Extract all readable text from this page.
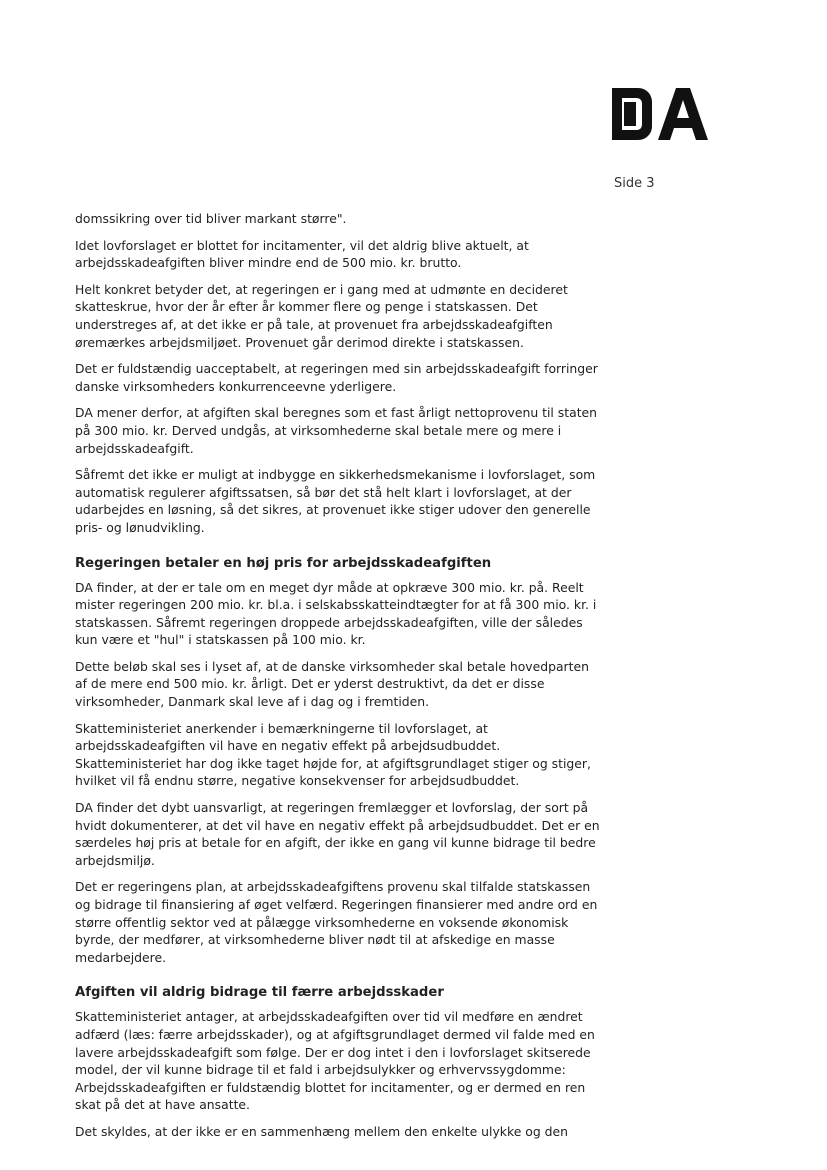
Side 3

domssikring over tid bliver markant større".

Idet lovforslaget er blottet for incitamenter, vil det aldrig blive aktuelt, at arbejdsskadeafgiften bliver mindre end de 500 mio. kr. brutto.

Helt konkret betyder det, at regeringen er i gang med at udmønte en decideret skatteskrue, hvor der år efter år kommer flere og penge i statskassen. Det understreges af, at det ikke er på tale, at provenuet fra arbejdsskadeafgiften øremærkes arbejdsmiljøet. Provenuet går derimod direkte i statskassen.

Det er fuldstændig uacceptabelt, at regeringen med sin arbejdsskadeafgift forringer danske virksomheders konkurrenceevne yderligere.

DA mener derfor, at afgiften skal beregnes som et fast årligt nettoprovenu til staten på 300 mio. kr. Derved undgås, at virksomhederne skal betale mere og mere i arbejdsskadeafgift.

Såfremt det ikke er muligt at indbygge en sikkerhedsmekanisme i lovforslaget, som automatisk regulerer afgiftssatsen, så bør det stå helt klart i lovforslaget, at der udarbejdes en løsning, så det sikres, at provenuet ikke stiger udover den generelle pris- og lønudvikling.

Regeringen betaler en høj pris for arbejdsskadeafgiften

DA finder, at der er tale om en meget dyr måde at opkræve 300 mio. kr. på. Reelt mister regeringen 200 mio. kr. bl.a. i selskabsskatteindtægter for at få 300 mio. kr. i statskassen. Såfremt regeringen droppede arbejdsskadeafgiften, ville der således kun være et "hul" i statskassen på 100 mio. kr.

Dette beløb skal ses i lyset af, at de danske virksomheder skal betale hovedparten af de mere end 500 mio. kr. årligt. Det er yderst destruktivt, da det er disse virksomheder, Danmark skal leve af i dag og i fremtiden.

Skatteministeriet anerkender i bemærkningerne til lovforslaget, at arbejdsskadeafgiften vil have en negativ effekt på arbejdsudbuddet. Skatteministeriet har dog ikke taget højde for, at afgiftsgrundlaget stiger og stiger, hvilket vil få endnu større, negative konsekvenser for arbejdsudbuddet.

DA finder det dybt uansvarligt, at regeringen fremlægger et lovforslag, der sort på hvidt dokumenterer, at det vil have en negativ effekt på arbejdsudbuddet. Det er en særdeles høj pris at betale for en afgift, der ikke en gang vil kunne bidrage til bedre arbejdsmiljø.

Det er regeringens plan, at arbejdsskadeafgiftens provenu skal tilfalde statskassen og bidrage til finansiering af øget velfærd. Regeringen finansierer med andre ord en større offentlig sektor ved at pålægge virksomhederne en voksende økonomisk byrde, der medfører, at virksomhederne bliver nødt til at afskedige en masse medarbejdere.

Afgiften vil aldrig bidrage til færre arbejdsskader

Skatteministeriet antager, at arbejdsskadeafgiften over tid vil medføre en ændret adfærd (læs: færre arbejdsskader), og at afgiftsgrundlaget dermed vil falde med en lavere arbejdsskadeafgift som følge. Der er dog intet i den i lovforslaget skitserede model, der vil kunne bidrage til et fald i arbejdsulykker og erhvervssygdomme: Arbejdsskadeafgiften er fuldstændig blottet for incitamenter, og er dermed en ren skat på det at have ansatte.

Det skyldes, at der ikke er en sammenhæng mellem den enkelte ulykke og den
